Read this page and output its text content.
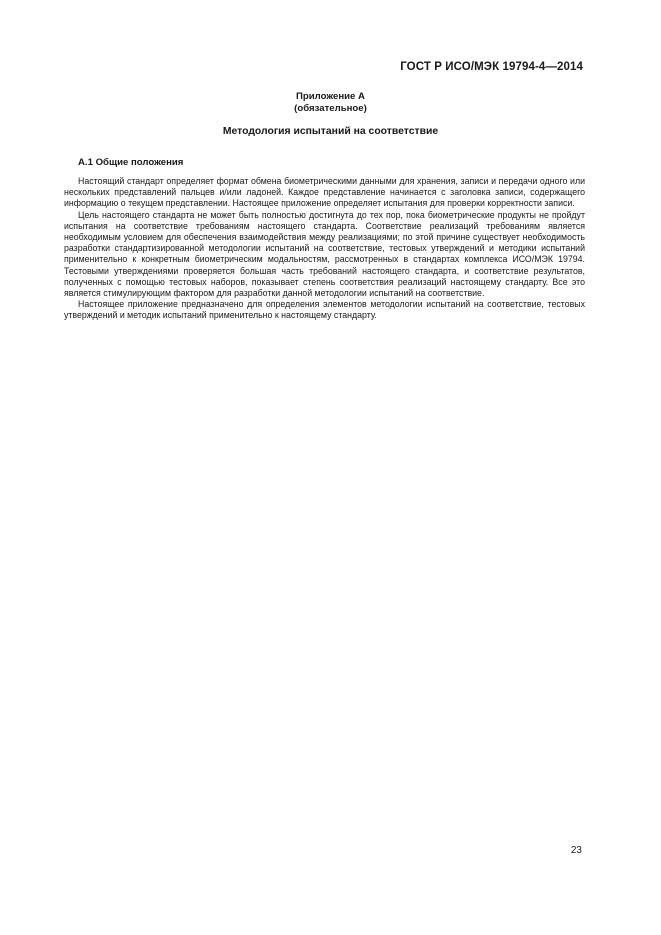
ГОСТ Р ИСО/МЭК 19794-4—2014
Приложение А
(обязательное)
Методология испытаний на соответствие
А.1 Общие положения

Настоящий стандарт определяет формат обмена биометрическими данными для хранения, записи и передачи одного или нескольких представлений пальцев и/или ладоней. Каждое представление начинается с заголовка записи, содержащего информацию о текущем представлении. Настоящее приложение определяет испытания для проверки корректности записи.

Цель настоящего стандарта не может быть полностью достигнута до тех пор, пока биометрические продукты не пройдут испытания на соответствие требованиям настоящего стандарта. Соответствие реализаций требованиям является необходимым условием для обеспечения взаимодействия между реализациями; по этой причине существует необходимость разработки стандартизированной методологии испытаний на соответствие, тестовых утверждений и методики испытаний применительно к конкретным биометрическим модальностям, рассмотренных в стандартах комплекса ИСО/МЭК 19794. Тестовыми утверждениями проверяется большая часть требований настоящего стандарта, и соответствие результатов, полученных с помощью тестовых наборов, показывает степень соответствия реализаций настоящему стандарту. Все это является стимулирующим фактором для разработки данной методологии испытаний на соответствие.

Настоящее приложение предназначено для определения элементов методологии испытаний на соответствие, тестовых утверждений и методик испытаний применительно к настоящему стандарту.

23
